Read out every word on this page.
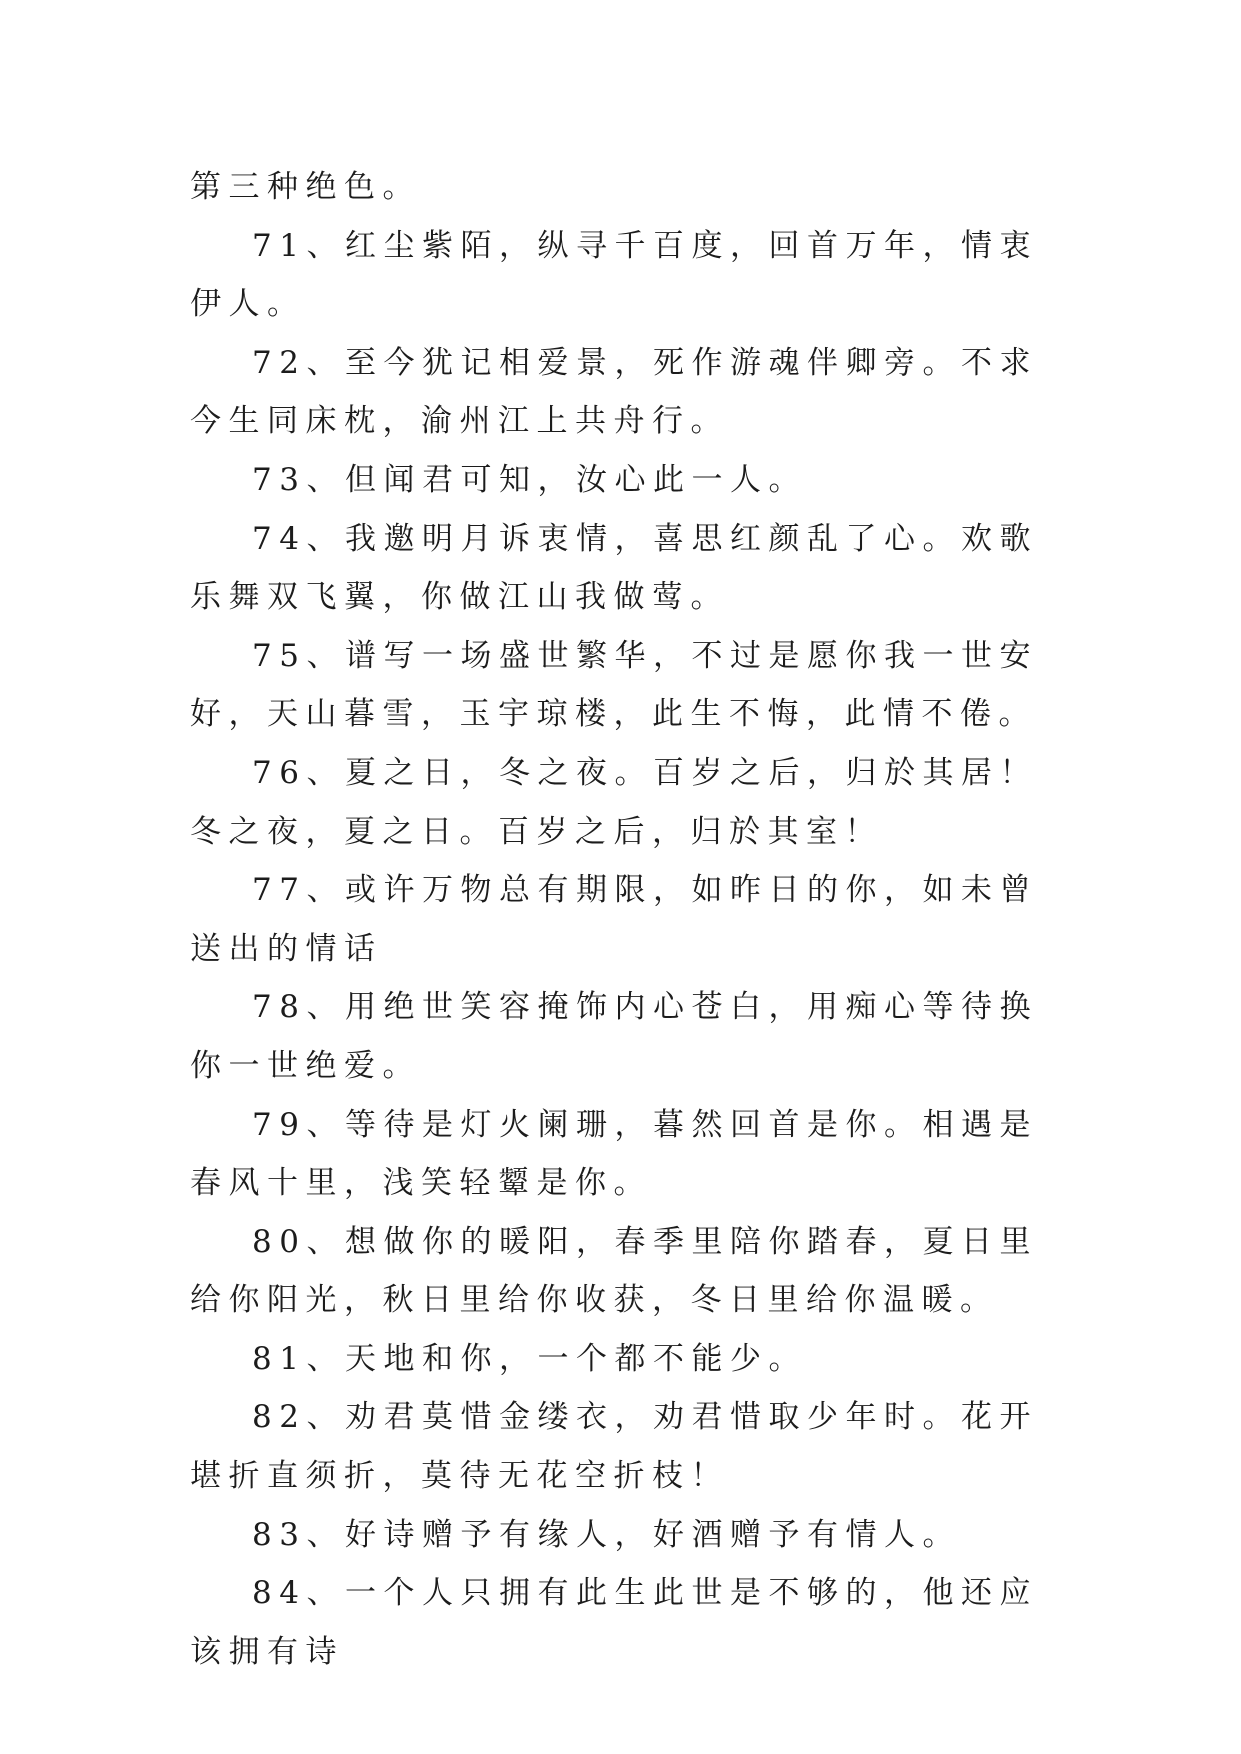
第三种绝色。

71、红尘紫陌，纵寻千百度，回首万年，情衷伊人。

72、至今犹记相爱景，死作游魂伴卿旁。不求今生同床枕，渝州江上共舟行。

73、但闻君可知，汝心此一人。

74、我邀明月诉衷情，喜思红颜乱了心。欢歌乐舞双飞翼，你做江山我做莺。

75、谱写一场盛世繁华，不过是愿你我一世安好，天山暮雪，玉宇琼楼，此生不悔，此情不倦。

76、夏之日，冬之夜。百岁之后，归於其居！冬之夜，夏之日。百岁之后，归於其室！

77、或许万物总有期限，如昨日的你，如未曾送出的情话

78、用绝世笑容掩饰内心苍白，用痴心等待换你一世绝爱。

79、等待是灯火阑珊，暮然回首是你。相遇是春风十里，浅笑轻颦是你。

80、想做你的暖阳，春季里陪你踏春，夏日里给你阳光，秋日里给你收获，冬日里给你温暖。

81、天地和你，一个都不能少。

82、劝君莫惜金缕衣，劝君惜取少年时。花开堪折直须折，莫待无花空折枝！

83、好诗赠予有缘人，好酒赠予有情人。

84、一个人只拥有此生此世是不够的，他还应该拥有诗
